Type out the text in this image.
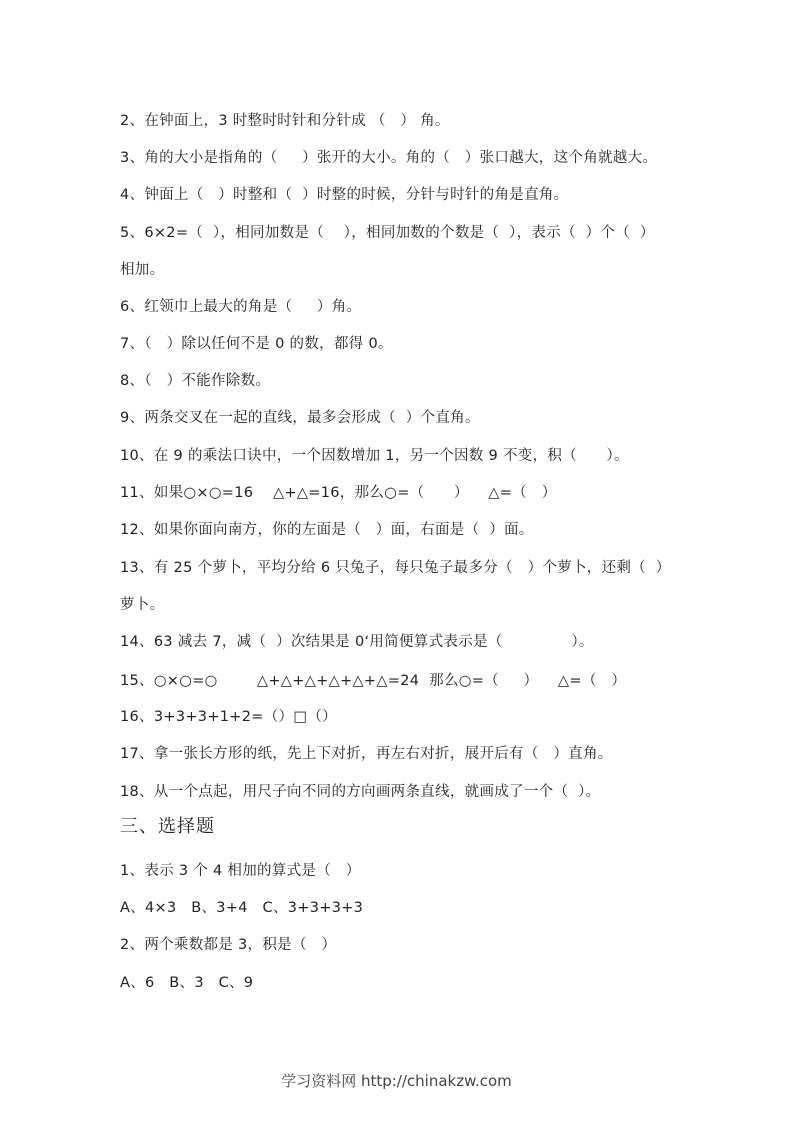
2、在钟面上，3 时整时时针和分针成 （   ） 角。
3、角的大小是指角的（     ）张开的大小。角的（   ）张口越大，这个角就越大。
4、钟面上（   ）时整和（  ）时整的时候，分针与时针的角是直角。
5、6×2=（  ），相同加数是（    ），相同加数的个数是（  ），表示（  ）个（  ）
相加。
6、红领巾上最大的角是（     ）角。
7、（   ）除以任何不是 0 的数，都得 0。
8、（   ）不能作除数。
9、两条交叉在一起的直线，最多会形成（  ）个直角。
10、在 9 的乘法口诀中，一个因数增加 1，另一个因数 9 不变，积（      ）。
11、如果○×○=16    △+△=16，那么○=（      ）    △=（   ）
12、如果你面向南方，你的左面是（   ）面，右面是（  ）面。
13、有 25 个萝卜，平均分给 6 只兔子，每只兔子最多分（   ）个萝卜，还剩（  ）
萝卜。
14、63 减去 7，减（  ）次结果是 0‘用简便算式表示是（              ）。
15、○×○=○        △+△+△+△+△+△=24  那么○=（     ）    △=（   ）
16、3+3+3+1+2=（）□（）
17、拿一张长方形的纸，先上下对折，再左右对折，展开后有（   ）直角。
18、从一个点起，用尺子向不同的方向画两条直线，就画成了一个（  ）。
三、选择题
1、表示 3 个 4 相加的算式是（   ）
A、4×3   B、3+4   C、3+3+3+3
2、两个乘数都是 3，积是（   ）
A、6   B、3   C、9
学习资料网 http://chinakzw.com
